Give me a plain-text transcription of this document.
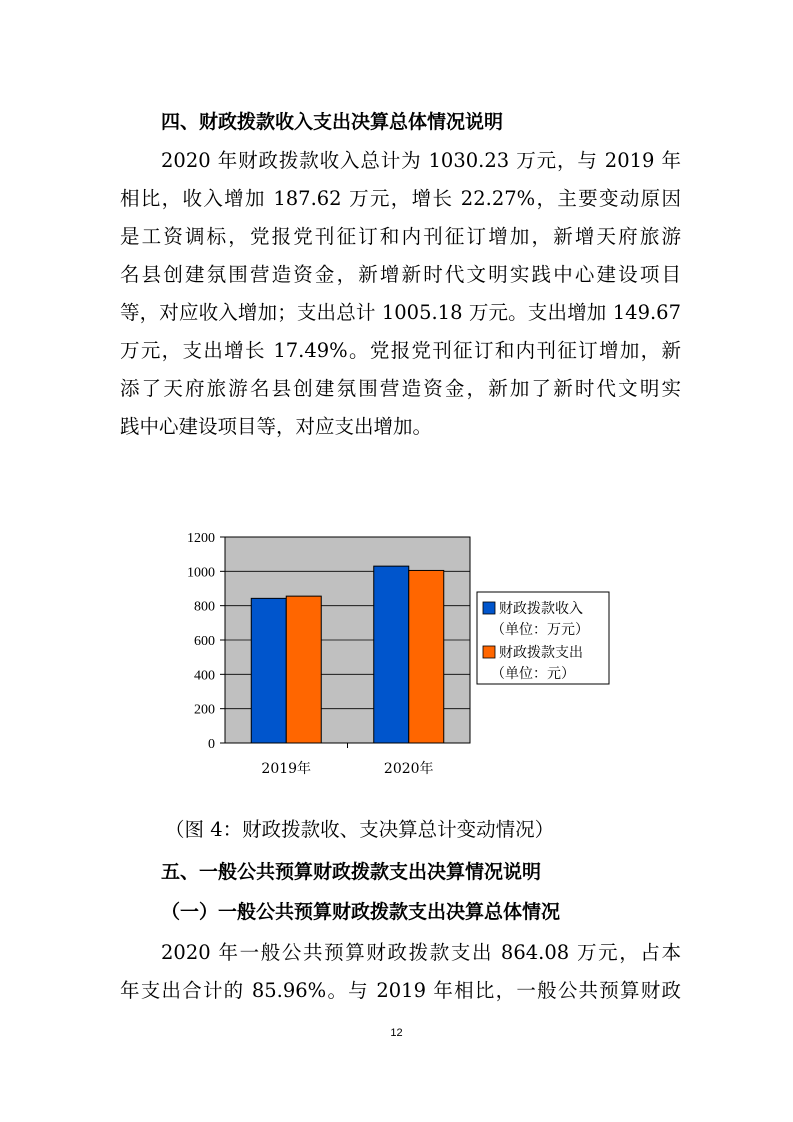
四、财政拨款收入支出决算总体情况说明
2020 年财政拨款收入总计为 1030.23 万元，与 2019 年
相比，收入增加 187.62 万元，增长 22.27%，主要变动原因
是工资调标，党报党刊征订和内刊征订增加，新增天府旅游
名县创建氛围营造资金，新增新时代文明实践中心建设项目
等，对应收入增加；支出总计 1005.18 万元。支出增加 149.67
万元，支出增长 17.49%。党报党刊征订和内刊征订增加，新
添了天府旅游名县创建氛围营造资金，新加了新时代文明实
践中心建设项目等，对应支出增加。
0
200
400
600
800
1000
1200
2019年	2020年
财政拨款收入
（单位：万元）
财政拨款支出
（单位：元）
（图 4：财政拨款收、支决算总计变动情况）
五、一般公共预算财政拨款支出决算情况说明
（一）一般公共预算财政拨款支出决算总体情况
2020 年一般公共预算财政拨款支出 864.08 万元，占本
年支出合计的 85.96%。与 2019 年相比，一般公共预算财政
12
